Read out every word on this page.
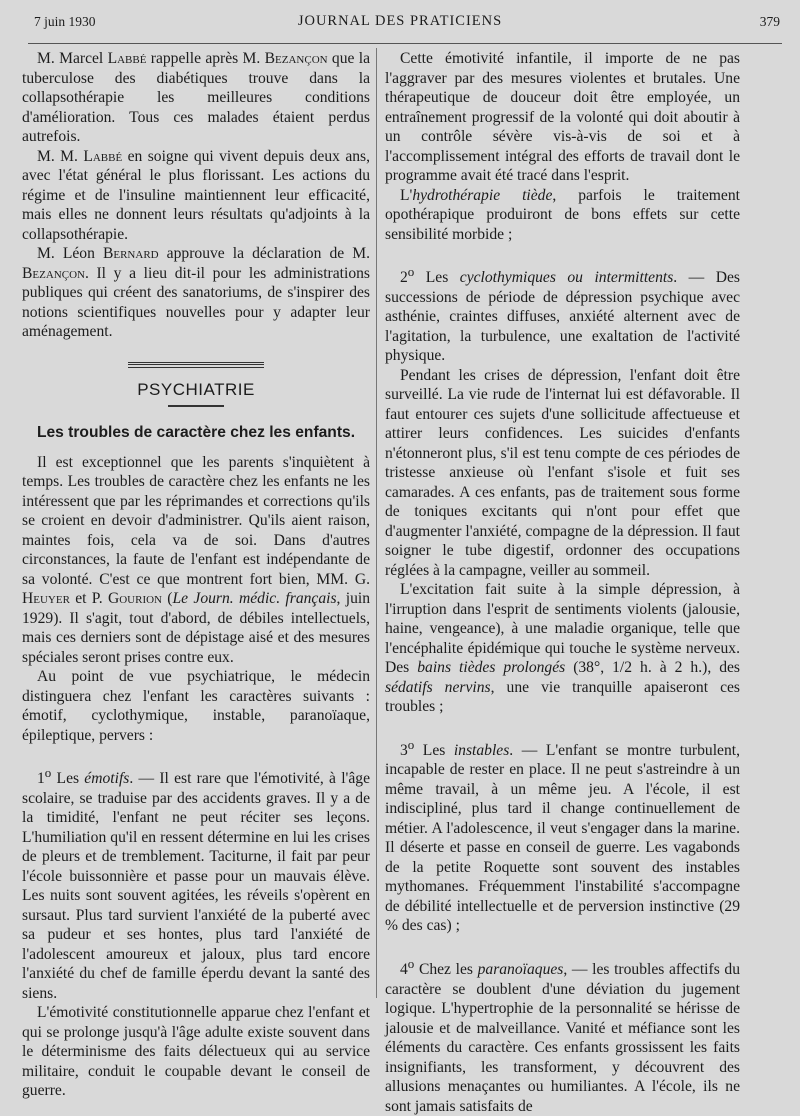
7 juin 1930	JOURNAL DES PRATICIENS	379

M. Marcel Labbé rappelle après M. Bezançon que la tuberculose des diabétiques trouve dans la collapsothérapie les meilleures conditions d'amélioration. Tous ces malades étaient perdus autrefois.

M. M. Labbé en soigne qui vivent depuis deux ans, avec l'état général le plus florissant. Les actions du régime et de l'insuline maintiennent leur efficacité, mais elles ne donnent leurs résultats qu'adjoints à la collapsothérapie.

M. Léon Bernard approuve la déclaration de M. Bezançon. Il y a lieu dit-il pour les administrations publiques qui créent des sanatoriums, de s'inspirer des notions scientifiques nouvelles pour y adapter leur aménagement.

PSYCHIATRIE
Les troubles de caractère chez les enfants.

Il est exceptionnel que les parents s'inquiètent à temps. Les troubles de caractère chez les enfants ne les intéressent que par les réprimandes et corrections qu'ils se croient en devoir d'administrer. Qu'ils aient raison, maintes fois, cela va de soi. Dans d'autres circonstances, la faute de l'enfant est indépendante de sa volonté. C'est ce que montrent fort bien, MM. G. Heuyer et P. Gourion (Le Journ. médic. français, juin 1929). Il s'agit, tout d'abord, de débiles intellectuels, mais ces derniers sont de dépistage aisé et des mesures spéciales seront prises contre eux.

Au point de vue psychiatrique, le médecin distinguera chez l'enfant les caractères suivants : émotif, cyclothymique, instable, paranoïaque, épileptique, pervers :

1$^o$ Les émotifs. — Il est rare que l'émotivité, à l'âge scolaire, se traduise par des accidents graves. Il y a de la timidité, l'enfant ne peut réciter ses leçons. L'humiliation qu'il en ressent détermine en lui les crises de pleurs et de tremblement. Taciturne, il fait par peur l'école buissonnière et passe pour un mauvais élève. Les nuits sont souvent agitées, les réveils s'opèrent en sursaut. Plus tard survient l'anxiété de la puberté avec sa pudeur et ses hontes, plus tard l'anxiété de l'adolescent amoureux et jaloux, plus tard encore l'anxiété du chef de famille éperdu devant la santé des siens.

L'émotivité constitutionnelle apparue chez l'enfant et qui se prolonge jusqu'à l'âge adulte existe souvent dans le déterminisme des faits délectueux qui au service militaire, conduit le coupable devant le conseil de guerre.

Cette émotivité infantile, il importe de ne pas l'aggraver par des mesures violentes et brutales. Une thérapeutique de douceur doit être employée, un entraînement progressif de la volonté qui doit aboutir à un contrôle sévère vis-à-vis de soi et à l'accomplissement intégral des efforts de travail dont le programme avait été tracé dans l'esprit.

L'hydrothérapie tiède, parfois le traitement opothérapique produiront de bons effets sur cette sensibilité morbide ;

2$^o$ Les cyclothymiques ou intermittents. — Des successions de période de dépression psychique avec asthénie, craintes diffuses, anxiété alternent avec de l'agitation, la turbulence, une exaltation de l'activité physique.

Pendant les crises de dépression, l'enfant doit être surveillé. La vie rude de l'internat lui est défavorable. Il faut entourer ces sujets d'une sollicitude affectueuse et attirer leurs confidences. Les suicides d'enfants n'étonneront plus, s'il est tenu compte de ces périodes de tristesse anxieuse où l'enfant s'isole et fuit ses camarades. A ces enfants, pas de traitement sous forme de toniques excitants qui n'ont pour effet que d'augmenter l'anxiété, compagne de la dépression. Il faut soigner le tube digestif, ordonner des occupations réglées à la campagne, veiller au sommeil.

L'excitation fait suite à la simple dépression, à l'irruption dans l'esprit de sentiments violents (jalousie, haine, vengeance), à une maladie organique, telle que l'encéphalite épidémique qui touche le système nerveux. Des bains tièdes prolongés (38°, 1/2 h. à 2 h.), des sédatifs nervins, une vie tranquille apaiseront ces troubles ;

3$^o$ Les instables. — L'enfant se montre turbulent, incapable de rester en place. Il ne peut s'astreindre à un même travail, à un même jeu. A l'école, il est indiscipliné, plus tard il change continuellement de métier. A l'adolescence, il veut s'engager dans la marine. Il déserte et passe en conseil de guerre. Les vagabonds de la petite Roquette sont souvent des instables mythomanes. Fréquemment l'instabilité s'accompagne de débilité intellectuelle et de perversion instinctive (29 % des cas) ;

4$^o$ Chez les paranoïaques, — les troubles affectifs du caractère se doublent d'une déviation du jugement logique. L'hypertrophie de la personnalité se hérisse de jalousie et de malveillance. Vanité et méfiance sont les éléments du caractère. Ces enfants grossissent les faits insignifiants, les transforment, y découvrent des allusions menaçantes ou humiliantes. A l'école, ils ne sont jamais satisfaits de
